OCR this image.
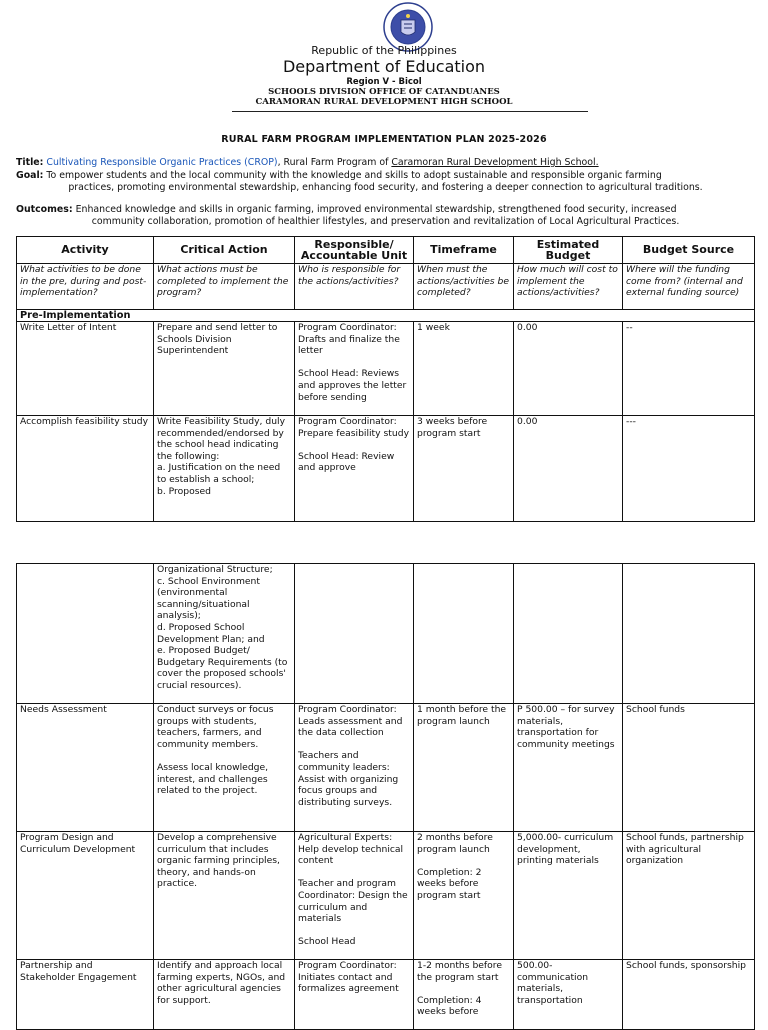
Republic of the Philippines
Department of Education
Region V - Bicol
SCHOOLS DIVISION OFFICE OF CATANDUANES
CARAMORAN RURAL DEVELOPMENT HIGH SCHOOL
RURAL FARM PROGRAM IMPLEMENTATION PLAN 2025-2026
Title: Cultivating Responsible Organic Practices (CROP), Rural Farm Program of Caramoran Rural Development High School.
Goal: To empower students and the local community with the knowledge and skills to adopt sustainable and responsible organic farming
practices, promoting environmental stewardship, enhancing food security, and fostering a deeper connection to agricultural traditions.
Outcomes: Enhanced knowledge and skills in organic farming, improved environmental stewardship, strengthened food security, increased
community collaboration, promotion of healthier lifestyles, and preservation and revitalization of Local Agricultural Practices.
Activity	Critical Action	Responsible/ Accountable Unit	Timeframe	Estimated Budget	Budget Source
What activities to be done in the pre, during and post-implementation?	What actions must be completed to implement the program?	Who is responsible for the actions/activities?	When must the actions/activities be completed?	How much will cost to implement the actions/activities?	Where will the funding come from? (internal and external funding source)
Pre-Implementation					
Write Letter of Intent	Prepare and send letter to Schools Division Superintendent	Program Coordinator: Drafts and finalize the letter

School Head: Reviews and approves the letter before sending	1 week	0.00	--
Accomplish feasibility study	Write Feasibility Study, duly recommended/endorsed by the school head indicating the following:
a. Justification on the need to establish a school;
b. Proposed	Program Coordinator: Prepare feasibility study

School Head: Review and approve	3 weeks before program start	0.00	---
	Organizational Structure;
c. School Environment (environmental scanning/situational analysis);
d. Proposed School Development Plan; and
e. Proposed Budget/ Budgetary Requirements (to cover the proposed schools' crucial resources).				
Needs Assessment	Conduct surveys or focus groups with students, teachers, farmers, and community members.

Assess local knowledge, interest, and challenges related to the project.	Program Coordinator: Leads assessment and the data collection

Teachers and community leaders: Assist with organizing focus groups and distributing surveys.	1 month before the program launch	P 500.00 – for survey materials, transportation for community meetings	School funds
Program Design and Curriculum Development	Develop a comprehensive curriculum that includes organic farming principles, theory, and hands-on practice.	Agricultural Experts: Help develop technical content

Teacher and program Coordinator: Design the curriculum and materials

School Head	2 months before program launch

Completion: 2 weeks before program start	5,000.00- curriculum development, printing materials	School funds, partnership with agricultural organization
Partnership and Stakeholder Engagement	Identify and approach local farming experts, NGOs, and other agricultural agencies for support.	Program Coordinator: Initiates contact and formalizes agreement	1-2 months before the program start

Completion: 4 weeks before	500.00- communication materials, transportation	School funds, sponsorship
